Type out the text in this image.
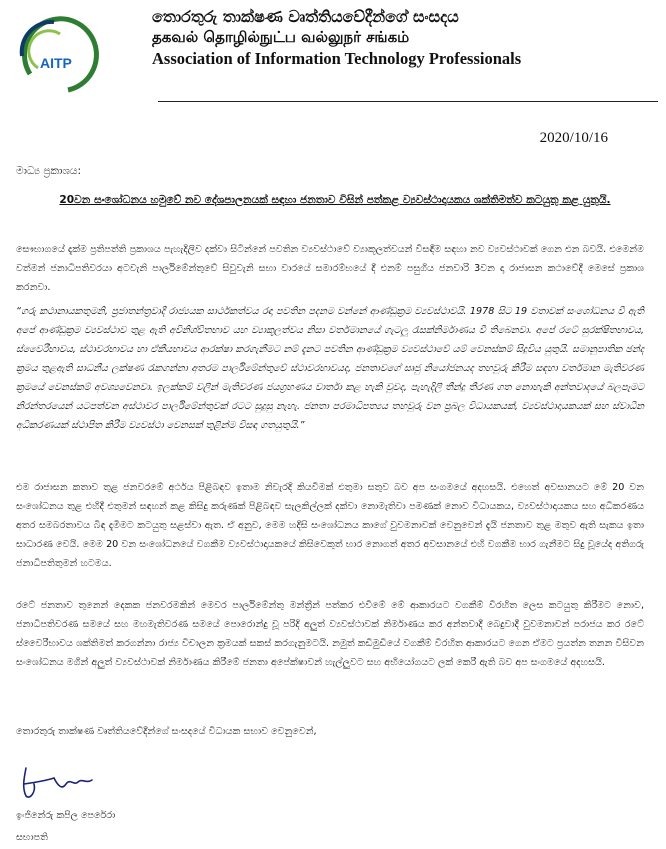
AITP

තොරතුරු තාක්ෂණ වෘත්තියවේදීන්ගේ සංසදය

தகவல் தொழில்நுட்ப வல்லுநர் சங்கம்

Association of Information Technology Professionals

2020/10/16
මාධ්‍ය ප්‍රකාශය:
20වන සංශෝධනය හමුවේ නව දේශපාලනයක් සඳහා ජනතාව විසින් පත්කළ ව්‍යවස්ථාදායකය ශක්තිමත්ව කටයුතු කළ යුතුයි.

සෞභාගයේ දැක්ම ප්‍රතිපත්ති ප්‍රකාශය පැහැදිලිව දක්වා සිටින්නේ පවතින ව්‍යවස්ථාවේ ව්‍යාකූලත්වයන් විසඳීම සඳහා නව ව්‍යවස්ථාවක් ගෙන එන බවයි. එමෙන්ම වත්මන් ජනාධිපතිවරයා අටවැනි පාර්ලිමේන්තුවේ සිවුවැනි සභා වාරයේ සමාරම්භයේ දී එනම් පසුගිය ජනවාරි 3වන දා රාජාසන කථාවේදී මෙසේ ප්‍රකාශ කරනවා.

“ගරු කථානායකතුමනි, ප්‍රජාතන්ත්‍රවාදී රාජ්‍යයක සාර්ථකත්වය රඳා පවතින පදනම වන්නේ ආණ්ඩුක්‍රම ව්‍යවස්ථාවයි. 1978 සිට 19 වතාවක් සංශෝධනය වී ඇති අපේ ආණ්ඩුක්‍රම ව්‍යවස්ථාව තුළ ඇති අවිනිශ්චිතභාව යහ ව්‍යාකූලත්වය නිසා වර්තමානයේ ගැටලු රැසක්නිර්මාණය වී තිබෙනවා. අපේ රටේ සුරක්ෂිතභාවය, ස්වෛරීභාවය, ස්ථාවරභාවය හා ඒකීයභාවය ආරක්ෂා කරගැනීමට නම් දැනට පවතින ආණ්ඩුක්‍රම ව්‍යවස්ථාවේ යම් වෙනස්කම් සිදුවිය යුතුයි. සමානුපාතික ඡන්ද ක්‍රමය තුළඇති සාධනීය ලක්ෂණ රැකගන්නා අතරම පාර්ලිමේන්තුවේ ස්ථාවරභාවයද, ජනතාවගේ සෘජු නියෝජනයද තහවුරු කිරීම සඳහා වර්තමාන මැතිවරණ ක්‍රමයේ වෙනස්කම් අවශ්‍යවෙනවා. ඉලක්කම් වලින් මැතිවරණ ජයග්‍රහණය වාර්තා කළ හැකි වුවද, පැහැදිලි තීන්දු තීරණ ගත නොහැකි අන්තවාදයේ බලපෑමට නිරන්තරයෙන් යටපත්වන අස්ථාවර පාර්ලිමේන්තුවක් රටට සුදුසු නැහැ. ජනතා පරමාධිපත්‍යය තහවුරු වන ප්‍රබල විධායකයක්, ව්‍යවස්ථාදායකයක් සහ ස්වාධීන අධිකරණයක් ස්ථාපිත කිරීම ව්‍යවස්ථා වෙනසක් තුළින්ම විසඳා ගතයුතුයි.”

එම රාජාසන කතාව තුළ ජනවරමේ අර්ථය පිළිබඳව ඉතාම නිවැරදි කියවීමක් එතුමා සතුව බව අප සංගමයේ අදහසයි. එහෙත් අවසානයට මේ 20 වන සංශෝධනය තුළ එහිදී එතුමන් සඳහන් කළ කිසිදු කරුණක් පිළිබඳව සැලකිල්ලක් දක්වා නොමැතිවා පමණක් නොව විධායකය, ව්‍යවස්ථාදායකය සහ අධිකරණය අතර සමබරතාවය බිඳ දැමීමට කටයුතු සළස්වා ඇත. ඒ අනුව, මෙම හදිසි සංශෝධනය කාගේ වුවමනාවක් වෙනුවෙන් දැයි ජනතාව තුළ මතුව ඇති සැකය ඉතා සාධාරණ වෙයි. මෙම 20 වන සංශෝධනයේ වගකීම ව්‍යවස්ථාදායකයේ කිසිවෙකුත් භාර නොගත් අතර අවසානයේ එහි වගකීම භාර ගැනීමට සිදු වූයේද අතිගරු ජනාධිපතිතුමන් හටමය.

රටේ ජනතාව තුනෙන් දෙකක ජනවරමකින් මෙවර පාර්ලිමේන්තු මන්ත්‍රීන් පත්කර එවීමේ මේ ආකාරයට වගකීම් විරහිත ලෙස කටයුතු කිරීමට නොව, ජනාධිපතිවරණ සමයේ සහ මහමැතිවරණ සමයේ පොරොන්දු වූ පරිදි අලුත් ව්‍යවස්ථාවක් නිර්මාණය කර අන්තවාදී බෙදුවාදී වුවමනාවන් පරාජය කර රටේ ස්වෛරීභාවය ශක්තිමත් කරගන්නා රාජ්‍ය විචාලන ක්‍රමයක් සකස් කරගැනුමටයි. නමුත් කඩිමුඩියේ වගකීම් විරහිත ආකාරයට ගෙන ඒමට ප්‍රයත්න තනන විසිවන සංශෝධනය මගින් අලුත් ව්‍යවස්ථාවක් නිර්මාණය කිරීමේ ජනතා අපේක්ෂාවන් හැල්ලුවට සහ අභියෝගයට ලක් කෙරී ඇති බව අප සංගමයේ අදහසයි.

තොරතුරු තාක්ෂණ වෘත්තියවේදීන්ගේ සංසදයේ විධායක සභාව වෙනුවෙන්,
ඉංජිනේරු කපිල පෙරේරා
සභාපති
